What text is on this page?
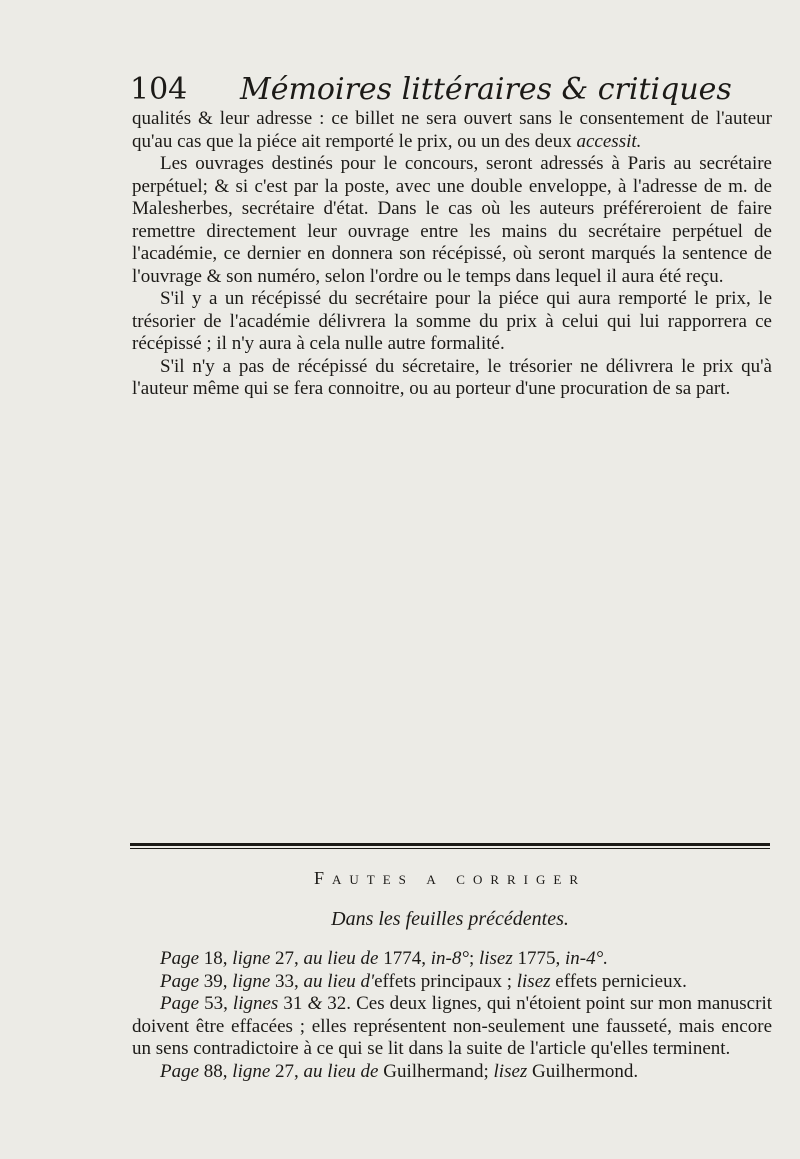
104 Mémoires littéraires & critiques

qualités & leur adresse : ce billet ne sera ouvert sans le consentement de l'auteur qu'au cas que la piéce ait remporté le prix, ou un des deux accessit.

Les ouvrages destinés pour le concours, seront adressés à Paris au secrétaire perpétuel; & si c'est par la poste, avec une double enveloppe, à l'adresse de m. de Malesherbes, secrétaire d'état. Dans le cas où les auteurs préféreroient de faire remettre directement leur ouvrage entre les mains du secrétaire perpétuel de l'académie, ce dernier en donnera son récépissé, où seront marqués la sentence de l'ouvrage & son numéro, selon l'ordre ou le temps dans lequel il aura été reçu.

S'il y a un récépissé du secrétaire pour la piéce qui aura remporté le prix, le trésorier de l'académie délivrera la somme du prix à celui qui lui rapporrera ce récépissé ; il n'y aura à cela nulle autre formalité.

S'il n'y a pas de récépissé du sécretaire, le trésorier ne délivrera le prix qu'à l'auteur même qui se fera connoitre, ou au porteur d'une procuration de sa part.

Fautes a corriger
Dans les feuilles précédentes.

Page 18, ligne 27, au lieu de 1774, in-8°; lisez 1775, in-4°.

Page 39, ligne 33, au lieu d'effets principaux ; lisez effets pernicieux.

Page 53, lignes 31 & 32. Ces deux lignes, qui n'étoient point sur mon manuscrit doivent être effacées ; elles représentent non-seulement une fausseté, mais encore un sens contradictoire à ce qui se lit dans la suite de l'article qu'elles terminent.

Page 88, ligne 27, au lieu de Guilhermand; lisez Guilhermond.
